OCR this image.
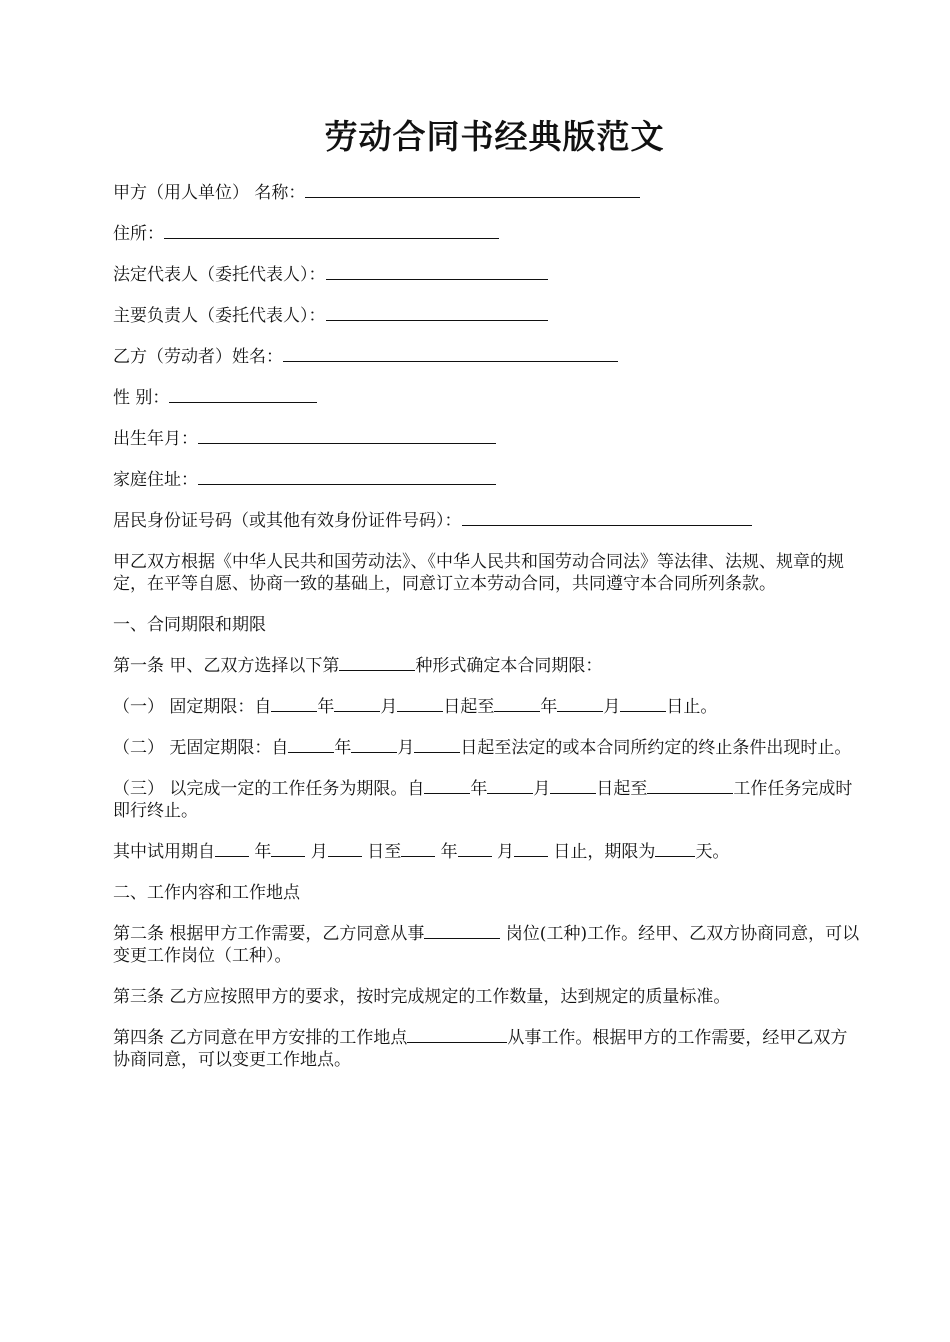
劳动合同书经典版范文

甲方（用人单位） 名称：

住所：

法定代表人（委托代表人）：

主要负责人（委托代表人）：

乙方（劳动者）姓名：

性 别：

出生年月：

家庭住址：

居民身份证号码（或其他有效身份证件号码）：

甲乙双方根据《中华人民共和国劳动法》、《中华人民共和国劳动合同法》等法律、法规、规章的规定，在平等自愿、协商一致的基础上，同意订立本劳动合同，共同遵守本合同所列条款。

一、合同期限和期限

第一条 甲、乙双方选择以下第	种形式确定本合同期限：

（一） 固定期限：自	年	月	日起至	年	月	日止。

（二） 无固定期限：自	年	月	日起至法定的或本合同所约定的终止条件出现时止。

（三） 以完成一定的工作任务为期限。自	年	月	日起至	工作任务完成时即行终止。

其中试用期自 年 月 日至 年 月 日止，期限为 天。

二、工作内容和工作地点

第二条 根据甲方工作需要，乙方同意从事	岗位(工种)工作。经甲、乙双方协商同意，可以变更工作岗位（工种）。

第三条 乙方应按照甲方的要求，按时完成规定的工作数量，达到规定的质量标准。

第四条 乙方同意在甲方安排的工作地点	从事工作。根据甲方的工作需要，经甲乙双方协商同意，可以变更工作地点。
